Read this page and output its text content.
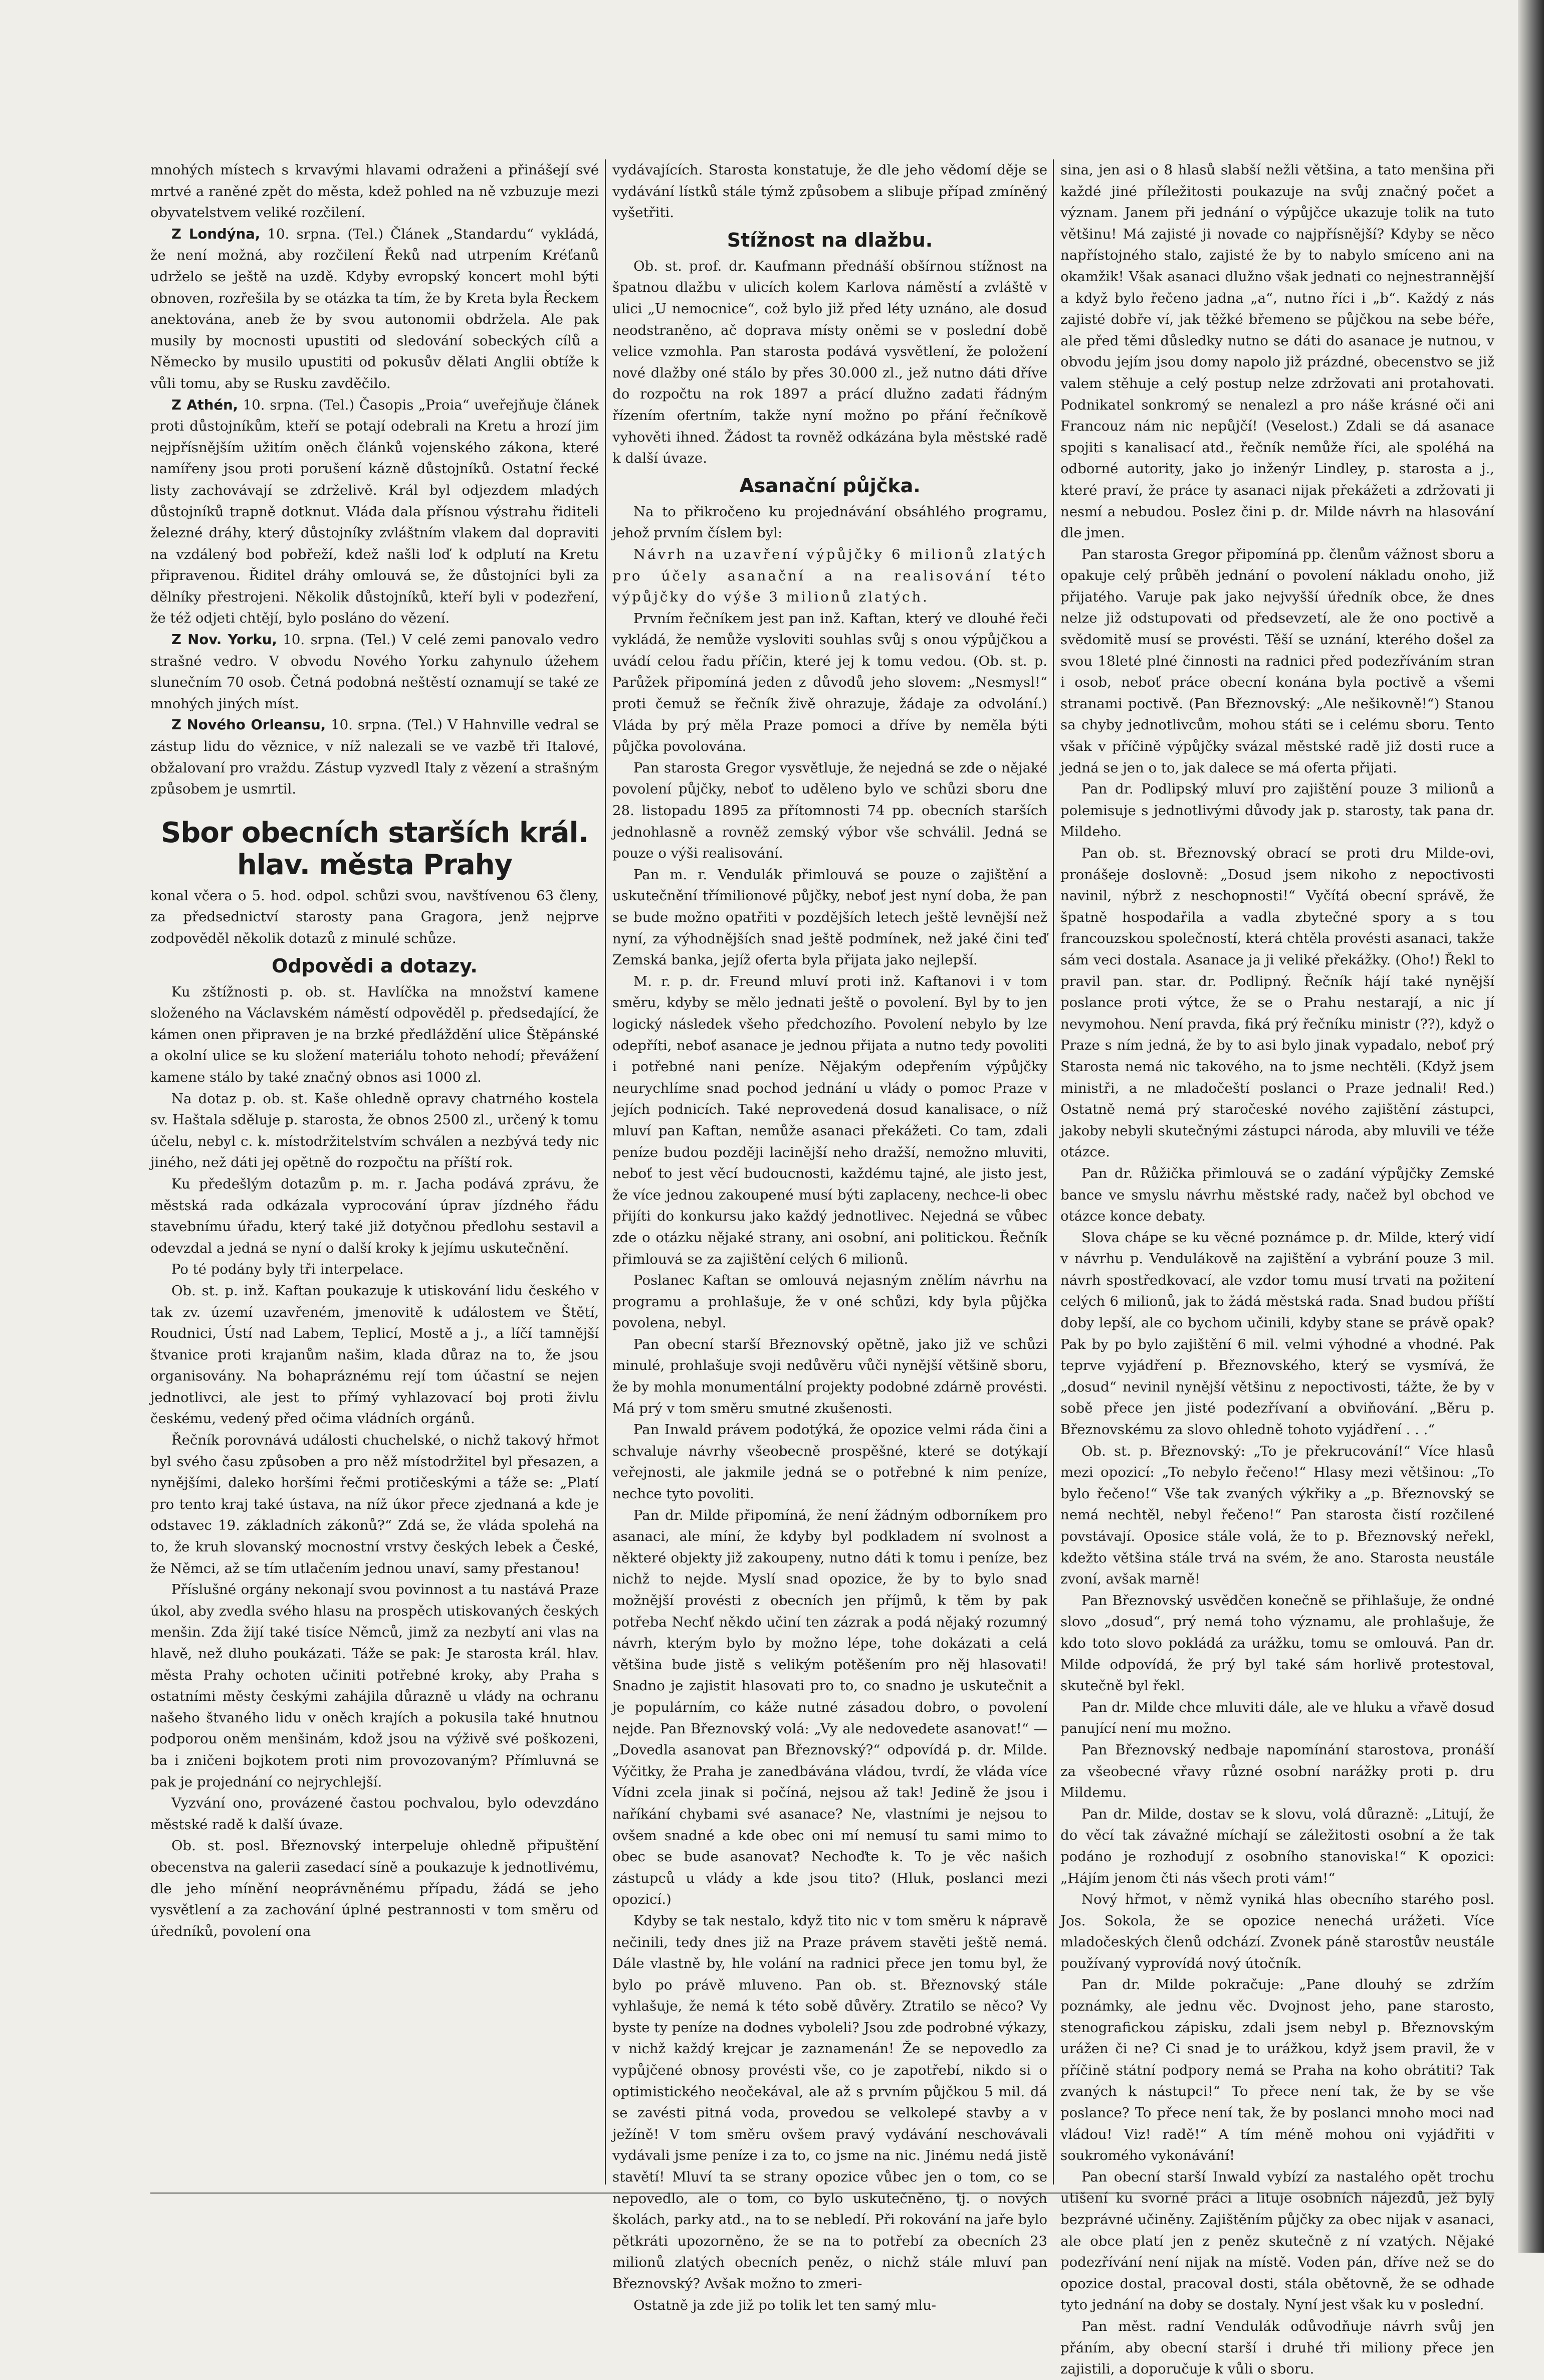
mnohých místech s krvavými hlavami odraženi a přinášejí své mrtvé a raněné zpět do města, kdež pohled na ně vzbuzuje mezi obyvatelstvem veliké rozčilení.

Z Londýna, 10. srpna. (Tel.) Článek „Standardu“ vykládá, že není možná, aby rozčilení Řeků nad utrpením Kréťanů udrželo se ještě na uzdě. Kdyby evropský koncert mohl býti obnoven, rozřešila by se otázka ta tím, že by Kreta byla Řeckem anektována, aneb že by svou autonomii obdržela. Ale pak musily by mocnosti upustiti od sledování sobeckých cílů a Německo by musilo upustiti od pokusův dělati Anglii obtíže k vůli tomu, aby se Rusku zavděčilo.

Z Athén, 10. srpna. (Tel.) Časopis „Proia“ uveřejňuje článek proti důstojníkům, kteří se potají odebrali na Kretu a hrozí jim nejpřísnějším užitím oněch článků vojenského zákona, které namířeny jsou proti porušení kázně důstojníků. Ostatní řecké listy zachovávají se zdrželivě. Král byl odjezdem mladých důstojníků trapně dotknut. Vláda dala přísnou výstrahu řiditeli železné dráhy, který důstojníky zvláštním vlakem dal dopraviti na vzdálený bod pobřeží, kdež našli loď k odplutí na Kretu připravenou. Řiditel dráhy omlouvá se, že důstojníci byli za dělníky přestrojeni. Několik důstojníků, kteří byli v podezření, že též odjeti chtějí, bylo posláno do vězení.

Z Nov. Yorku, 10. srpna. (Tel.) V celé zemi panovalo vedro strašné vedro. V obvodu Nového Yorku zahynulo úžehem slunečním 70 osob. Četná podobná neštěstí oznamují se také ze mnohých jiných míst.

Z Nového Orleansu, 10. srpna. (Tel.) V Hahnville vedral se zástup lidu do věznice, v níž nalezali se ve vazbě tři Italové, obžalovaní pro vraždu. Zástup vyzvedl Italy z vězení a strašným způsobem je usmrtil.

Sbor obecních starších král. hlav. města Prahy

konal včera o 5. hod. odpol. schůzi svou, navštívenou 63 členy, za předsednictví starosty pana Gragora, jenž nejprve zodpověděl několik dotazů z minulé schůze.

Odpovědi a dotazy.

Ku zštížnosti p. ob. st. Havlíčka na množství kamene složeného na Václavském náměstí odpověděl p. předsedající, že kámen onen připraven je na brzké předláždění ulice Štěpánské a okolní ulice se ku složení materiálu tohoto nehodí; převážení kamene stálo by také značný obnos asi 1000 zl.

Na dotaz p. ob. st. Kaše ohledně opravy chatrného kostela sv. Haštala sděluje p. starosta, že obnos 2500 zl., určený k tomu účelu, nebyl c. k. místodržitelstvím schválen a nezbývá tedy nic jiného, než dáti jej opětně do rozpočtu na příští rok.

Ku předešlým dotazům p. m. r. Jacha podává zprávu, že městská rada odkázala vyprocování úprav jízdného řádu stavebnímu úřadu, který také již dotyčnou předlohu sestavil a odevzdal a jedná se nyní o další kroky k jejímu uskutečnění.

Po té podány byly tři interpelace.

Ob. st. p. inž. Kaftan poukazuje k utiskování lidu českého v tak zv. území uzavřeném, jmenovitě k událostem ve Štětí, Roudnici, Ústí nad Labem, Teplicí, Mostě a j., a líčí tamnější štvanice proti krajanům našim, klada důraz na to, že jsou organisovány. Na bohapráznému rejí tom účastní se nejen jednotlivci, ale jest to přímý vyhlazovací boj proti živlu českému, vedený před očima vládních orgánů.

Řečník porovnává události chuchelské, o nichž takový hřmot byl svého času způsoben a pro něž místodržitel byl přesazen, a nynějšími, daleko horšími řečmi protičeskými a táže se: „Platí pro tento kraj také ústava, na níž úkor přece zjednaná a kde je odstavec 19. základních zákonů?“ Zdá se, že vláda spolehá na to, že kruh slovanský mocnostní vrstvy českých lebek a České, že Němci, až se tím utlačením jednou unaví, samy přestanou!

Příslušné orgány nekonají svou povinnost a tu nastává Praze úkol, aby zvedla svého hlasu na prospěch utiskovaných českých menšin. Zda žijí také tisíce Němců, jimž za nezbytí ani vlas na hlavě, než dluho poukázati. Táže se pak: Je starosta král. hlav. města Prahy ochoten učiniti potřebné kroky, aby Praha s ostatními městy českými zahájila důrazně u vlády na ochranu našeho štvaného lidu v oněch krajích a pokusila také hnutnou podporou oněm menšinám, kdož jsou na výživě své poškozeni, ba i zničeni bojkotem proti nim provozovaným? Přímluvná se pak je projednání co nejrychlejší.

Vyzvání ono, provázené častou pochvalou, bylo odevzdáno městské radě k další úvaze.

Ob. st. posl. Březnovský interpeluje ohledně připuštění obecenstva na galerii zasedací síně a poukazuje k jednotlivému, dle jeho mínění neoprávněnému případu, žádá se jeho vysvětlení a za zachování úplné pestrannosti v tom směru od úředníků, povolení ona

vydávajících. Starosta konstatuje, že dle jeho vědomí děje se vydávání lístků stále týmž způsobem a slibuje případ zmíněný vyšetřiti.

Stížnost na dlažbu.

Ob. st. prof. dr. Kaufmann přednáší obšírnou stížnost na špatnou dlažbu v ulicích kolem Karlova náměstí a zvláště v ulici „U nemocnice“, což bylo již před léty uznáno, ale dosud neodstraněno, ač doprava místy oněmi se v poslední době velice vzmohla. Pan starosta podává vysvětlení, že položení nové dlažby oné stálo by přes 30.000 zl., jež nutno dáti dříve do rozpočtu na rok 1897 a prácí dlužno zadati řádným řízením ofertním, takže nyní možno po přání řečníkově vyhověti ihned. Žádost ta rovněž odkázána byla městské radě k další úvaze.

Asanační půjčka.

Na to přikročeno ku projednávání obsáhlého programu, jehož prvním číslem byl:

Návrh na uzavření výpůjčky 6 milionů zlatých pro účely asanační a na realisování této výpůjčky do výše 3 milionů zlatých.

Prvním řečníkem jest pan inž. Kaftan, který ve dlouhé řeči vykládá, že nemůže vysloviti souhlas svůj s onou výpůjčkou a uvádí celou řadu příčin, které jej k tomu vedou. (Ob. st. p. Parůžek připomíná jeden z důvodů jeho slovem: „Nesmysl!“ proti čemuž se řečník živě ohrazuje, žádaje za odvolání.) Vláda by prý měla Praze pomoci a dříve by neměla býti půjčka povolována.

Pan starosta Gregor vysvětluje, že nejedná se zde o nějaké povolení půjčky, neboť to uděleno bylo ve schůzi sboru dne 28. listopadu 1895 za přítomnosti 74 pp. obecních starších jednohlasně a rovněž zemský výbor vše schválil. Jedná se pouze o výši realisování.

Pan m. r. Vendulák přimlouvá se pouze o zajištění a uskutečnění třímilionové půjčky, neboť jest nyní doba, že pan se bude možno opatřiti v pozdějších letech ještě levnější než nyní, za výhodnějších snad ještě podmínek, než jaké čini teď Zemská banka, jejíž oferta byla přijata jako nejlepší.

M. r. p. dr. Freund mluví proti inž. Kaftanovi i v tom směru, kdyby se mělo jednati ještě o povolení. Byl by to jen logický následek všeho předchozího. Povolení nebylo by lze odepříti, neboť asanace je jednou přijata a nutno tedy povoliti i potřebné nani peníze. Nějakým odepřením výpůjčky neurychlíme snad pochod jednání u vlády o pomoc Praze v jejích podnicích. Také neprovedená dosud kanalisace, o níž mluví pan Kaftan, nemůže asanaci překážeti. Co tam, zdali peníze budou později lacinější neho dražší, nemožno mluviti, neboť to jest věcí budoucnosti, každému tajné, ale jisto jest, že více jednou zakoupené musí býti zaplaceny, nechce-li obec přijíti do konkursu jako každý jednotlivec. Nejedná se vůbec zde o otázku nějaké strany, ani osobní, ani politickou. Řečník přimlouvá se za zajištění celých 6 milionů.

Poslanec Kaftan se omlouvá nejasným znělím návrhu na programu a prohlašuje, že v oné schůzi, kdy byla půjčka povolena, nebyl.

Pan obecní starší Březnovský opětně, jako již ve schůzi minulé, prohlašuje svoji nedůvěru vůči nynější většině sboru, že by mohla monumentální projekty podobné zdárně provésti. Má prý v tom směru smutné zkušenosti.

Pan Inwald právem podotýká, že opozice velmi ráda čini a schvaluje návrhy všeobecně prospěšné, které se dotýkají veřejnosti, ale jakmile jedná se o potřebné k nim peníze, nechce tyto povoliti.

Pan dr. Milde připomíná, že není žádným odborníkem pro asanaci, ale míní, že kdyby byl podkladem ní svolnost a některé objekty již zakoupeny, nutno dáti k tomu i peníze, bez nichž to nejde. Myslí snad opozice, že by to bylo snad možnější provésti z obecních jen příjmů, k těm by pak potřeba Nechť někdo učiní ten zázrak a podá nějaký rozumný návrh, kterým bylo by možno lépe, tohe dokázati a celá většina bude jistě s velikým potěšením pro něj hlasovati! Snadno je zajistit hlasovati pro to, co snadno je uskutečnit a je populárním, co káže nutné zásadou dobro, o povolení nejde. Pan Březnovský volá: „Vy ale nedovedete asanovat!“ — „Dovedla asanovat pan Březnovský?“ odpovídá p. dr. Milde. Výčitky, že Praha je zanedbávána vládou, tvrdí, že vláda více Vídni zcela jinak si počíná, nejsou až tak! Jedině že jsou i naříkání chybami své asanace? Ne, vlastními je nejsou to ovšem snadné a kde obec oni mí nemusí tu sami mimo to obec se bude asanovat? Nechoďte k. To je věc našich zástupců u vlády a kde jsou tito? (Hluk, poslanci mezi opozicí.)

Kdyby se tak nestalo, když tito nic v tom směru k nápravě nečinili, tedy dnes již na Praze právem stavěti ještě nemá. Dále vlastně by, hle volání na radnici přece jen tomu byl, že bylo po právě mluveno. Pan ob. st. Březnovský stále vyhlašuje, že nemá k této sobě důvěry. Ztratilo se něco? Vy byste ty peníze na dodnes vyboleli? Jsou zde podrobné výkazy, v nichž každý krejcar je zaznamenán! Že se nepovedlo za vypůjčené obnosy provésti vše, co je zapotřebí, nikdo si o optimistického neočekával, ale až s prvním půjčkou 5 mil. dá se zavésti pitná voda, provedou se velkolepé stavby a v ježíně! V tom směru ovšem pravý vydávání neschovávali vydávali jsme peníze i za to, co jsme na nic. Jinému nedá jistě stavětí! Mluví ta se strany opozice vůbec jen o tom, co se nepovedlo, ale o tom, co bylo uskutečněno, tj. o nových školách, parky atd., na to se nebledí. Při rokování na jaře bylo pětkráti upozorněno, že se na to potřebí za obecních 23 milionů zlatých obecních peněz, o nichž stále mluví pan Březnovský? Avšak možno to zmeri-

Ostatně ja zde již po tolik let ten samý mlu-

sina, jen asi o 8 hlasů slabší nežli většina, a tato menšina při každé jiné příležitosti poukazuje na svůj značný počet a význam. Janem při jednání o výpůjčce ukazuje tolik na tuto většinu! Má zajisté ji novade co najpřísnější? Kdyby se něco napřístojného stalo, zajisté že by to nabylo smíceno ani na okamžik! Však asanaci dlužno však jednati co nejnestrannější a když bylo řečeno jadna „a“, nutno říci i „b“. Každý z nás zajisté dobře ví, jak těžké břemeno se půjčkou na sebe béře, ale před těmi důsledky nutno se dáti do asanace je nutnou, v obvodu jejím jsou domy napolo již prázdné, obecenstvo se již valem stěhuje a celý postup nelze zdržovati ani protahovati. Podnikatel sonkromý se nenalezl a pro náše krásné oči ani Francouz nám nic nepůjčí! (Veselost.) Zdali se dá asanace spojiti s kanalisací atd., řečník nemůže říci, ale spoléhá na odborné autority, jako jo inženýr Lindley, p. starosta a j., které praví, že práce ty asanaci nijak překážeti a zdržovati ji nesmí a nebudou. Poslez čini p. dr. Milde návrh na hlasování dle jmen.

Pan starosta Gregor připomíná pp. členům vážnost sboru a opakuje celý průběh jednání o povolení nákladu onoho, již přijatého. Varuje pak jako nejvyšší úředník obce, že dnes nelze již odstupovati od předsevzetí, ale že ono poctivě a svědomitě musí se provésti. Těší se uznání, kterého došel za svou 18leté plné činnosti na radnici před podezříváním stran i osob, neboť práce obecní konána byla poctivě a všemi stranami poctivě. (Pan Březnovský: „Ale nešikovně!“) Stanou sa chyby jednotlivcům, mohou státi se i celému sboru. Tento však v příčině výpůjčky svázal městské radě již dosti ruce a jedná se jen o to, jak dalece se má oferta přijati.

Pan dr. Podlipský mluví pro zajištění pouze 3 milionů a polemisuje s jednotlivými důvody jak p. starosty, tak pana dr. Mildeho.

Pan ob. st. Březnovský obrací se proti dru Milde-ovi, pronášeje doslovně: „Dosud jsem nikoho z nepoctivosti navinil, nýbrž z neschopnosti!“ Vyčítá obecní správě, že špatně hospodařila a vadla zbytečné spory a s tou francouzskou společností, která chtěla provésti asanaci, takže sám veci dostala. Asanace ja ji veliké překážky. (Oho!) Řekl to pravil pan. star. dr. Podlipný. Řečník hájí také nynější poslance proti výtce, že se o Prahu nestarají, a nic jí nevymohou. Není pravda, fiká prý řečníku ministr (??), když o Praze s ním jedná, že by to asi bylo jinak vypadalo, neboť prý Starosta nemá nic takového, na to jsme nechtěli. (Když jsem ministři, a ne mladočeští poslanci o Praze jednali! Red.) Ostatně nemá prý staročeské nového zajištění zástupci, jakoby nebyli skutečnými zástupci národa, aby mluvili ve téže otázce.

Pan dr. Růžička přimlouvá se o zadání výpůjčky Zemské bance ve smyslu návrhu městské rady, načež byl obchod ve otázce konce debaty.

Slova chápe se ku věcné poznámce p. dr. Milde, který vidí v návrhu p. Vendulákově na zajištění a vybrání pouze 3 mil. návrh spostředkovací, ale vzdor tomu musí trvati na požitení celých 6 milionů, jak to žádá městská rada. Snad budou příští doby lepší, ale co bychom učinili, kdyby stane se právě opak? Pak by po bylo zajištění 6 mil. velmi výhodné a vhodné. Pak teprve vyjádření p. Březnovského, který se vysmívá, že „dosud“ nevinil nynější většinu z nepoctivosti, tážte, že by v sobě přece jen jisté podezřívaní a obviňování. „Běru p. Březnovskému za slovo ohledně tohoto vyjádření . . .“

Ob. st. p. Březnovský: „To je překrucování!“ Více hlasů mezi opozicí: „To nebylo řečeno!“ Hlasy mezi většinou: „To bylo řečeno!“ Vše tak zvaných výkřiky a „p. Březnovský se nemá nechtěl, nebyl řečeno!“ Pan starosta čistí rozčilené povstávají. Oposice stále volá, že to p. Březnovský neřekl, kdežto většina stále trvá na svém, že ano. Starosta neustále zvoní, avšak marně!

Pan Březnovský usvědčen konečně se přihlašuje, že ondné slovo „dosud“, prý nemá toho významu, ale prohlašuje, že kdo toto slovo pokládá za urážku, tomu se omlouvá. Pan dr. Milde odpovídá, že prý byl také sám horlivě protestoval, skutečně byl řekl.

Pan dr. Milde chce mluviti dále, ale ve hluku a vřavě dosud panující není mu možno.

Pan Březnovský nedbaje napomínání starostova, pronáší za všeobecné vřavy různé osobní narážky proti p. dru Mildemu.

Pan dr. Milde, dostav se k slovu, volá důrazně: „Litují, že do věcí tak závažné míchají se záležitosti osobní a že tak podáno je rozhodují z osobního stanoviska!“ K opozici: „Hájím jenom čti nás všech proti vám!“

Nový hřmot, v němž vyniká hlas obecního starého posl. Jos. Sokola, že se opozice nenechá urážeti. Více mladočeských členů odchází. Zvonek páně starostův neustále používaný vyprovídá nový útočník.

Pan dr. Milde pokračuje: „Pane dlouhý se zdržím poznámky, ale jednu věc. Dvojnost jeho, pane starosto, stenografickou zápisku, zdali jsem nebyl p. Březnovským urážen či ne? Ci snad je to urážkou, když jsem pravil, že v příčině státní podpory nemá se Praha na koho obrátiti? Tak zvaných k nástupci!“ To přece není tak, že by se vše poslance? To přece není tak, že by poslanci mnoho moci nad vládou! Viz! radě!“ A tím méně mohou oni vyjádřiti v soukromého vykonávání!

Pan obecní starší Inwald vybízí za nastalého opět trochu utišení ku svorné práci a lituje osobních nájezdů, jež byly bezprávné učiněny. Zajištěním půjčky za obec nijak v asanaci, ale obce platí jen z peněz skutečně z ní vzatých. Nějaké podezřívání není nijak na místě. Voden pán, dříve než se do opozice dostal, pracoval dosti, stála obětovně, že se odhade tyto jednání na doby se dostaly. Nyní jest však ku v poslední.

Pan měst. radní Vendulák odůvodňuje návrh svůj jen přáním, aby obecní starší i druhé tři miliony přece jen zajistili, a doporučuje k vůli o sboru.
